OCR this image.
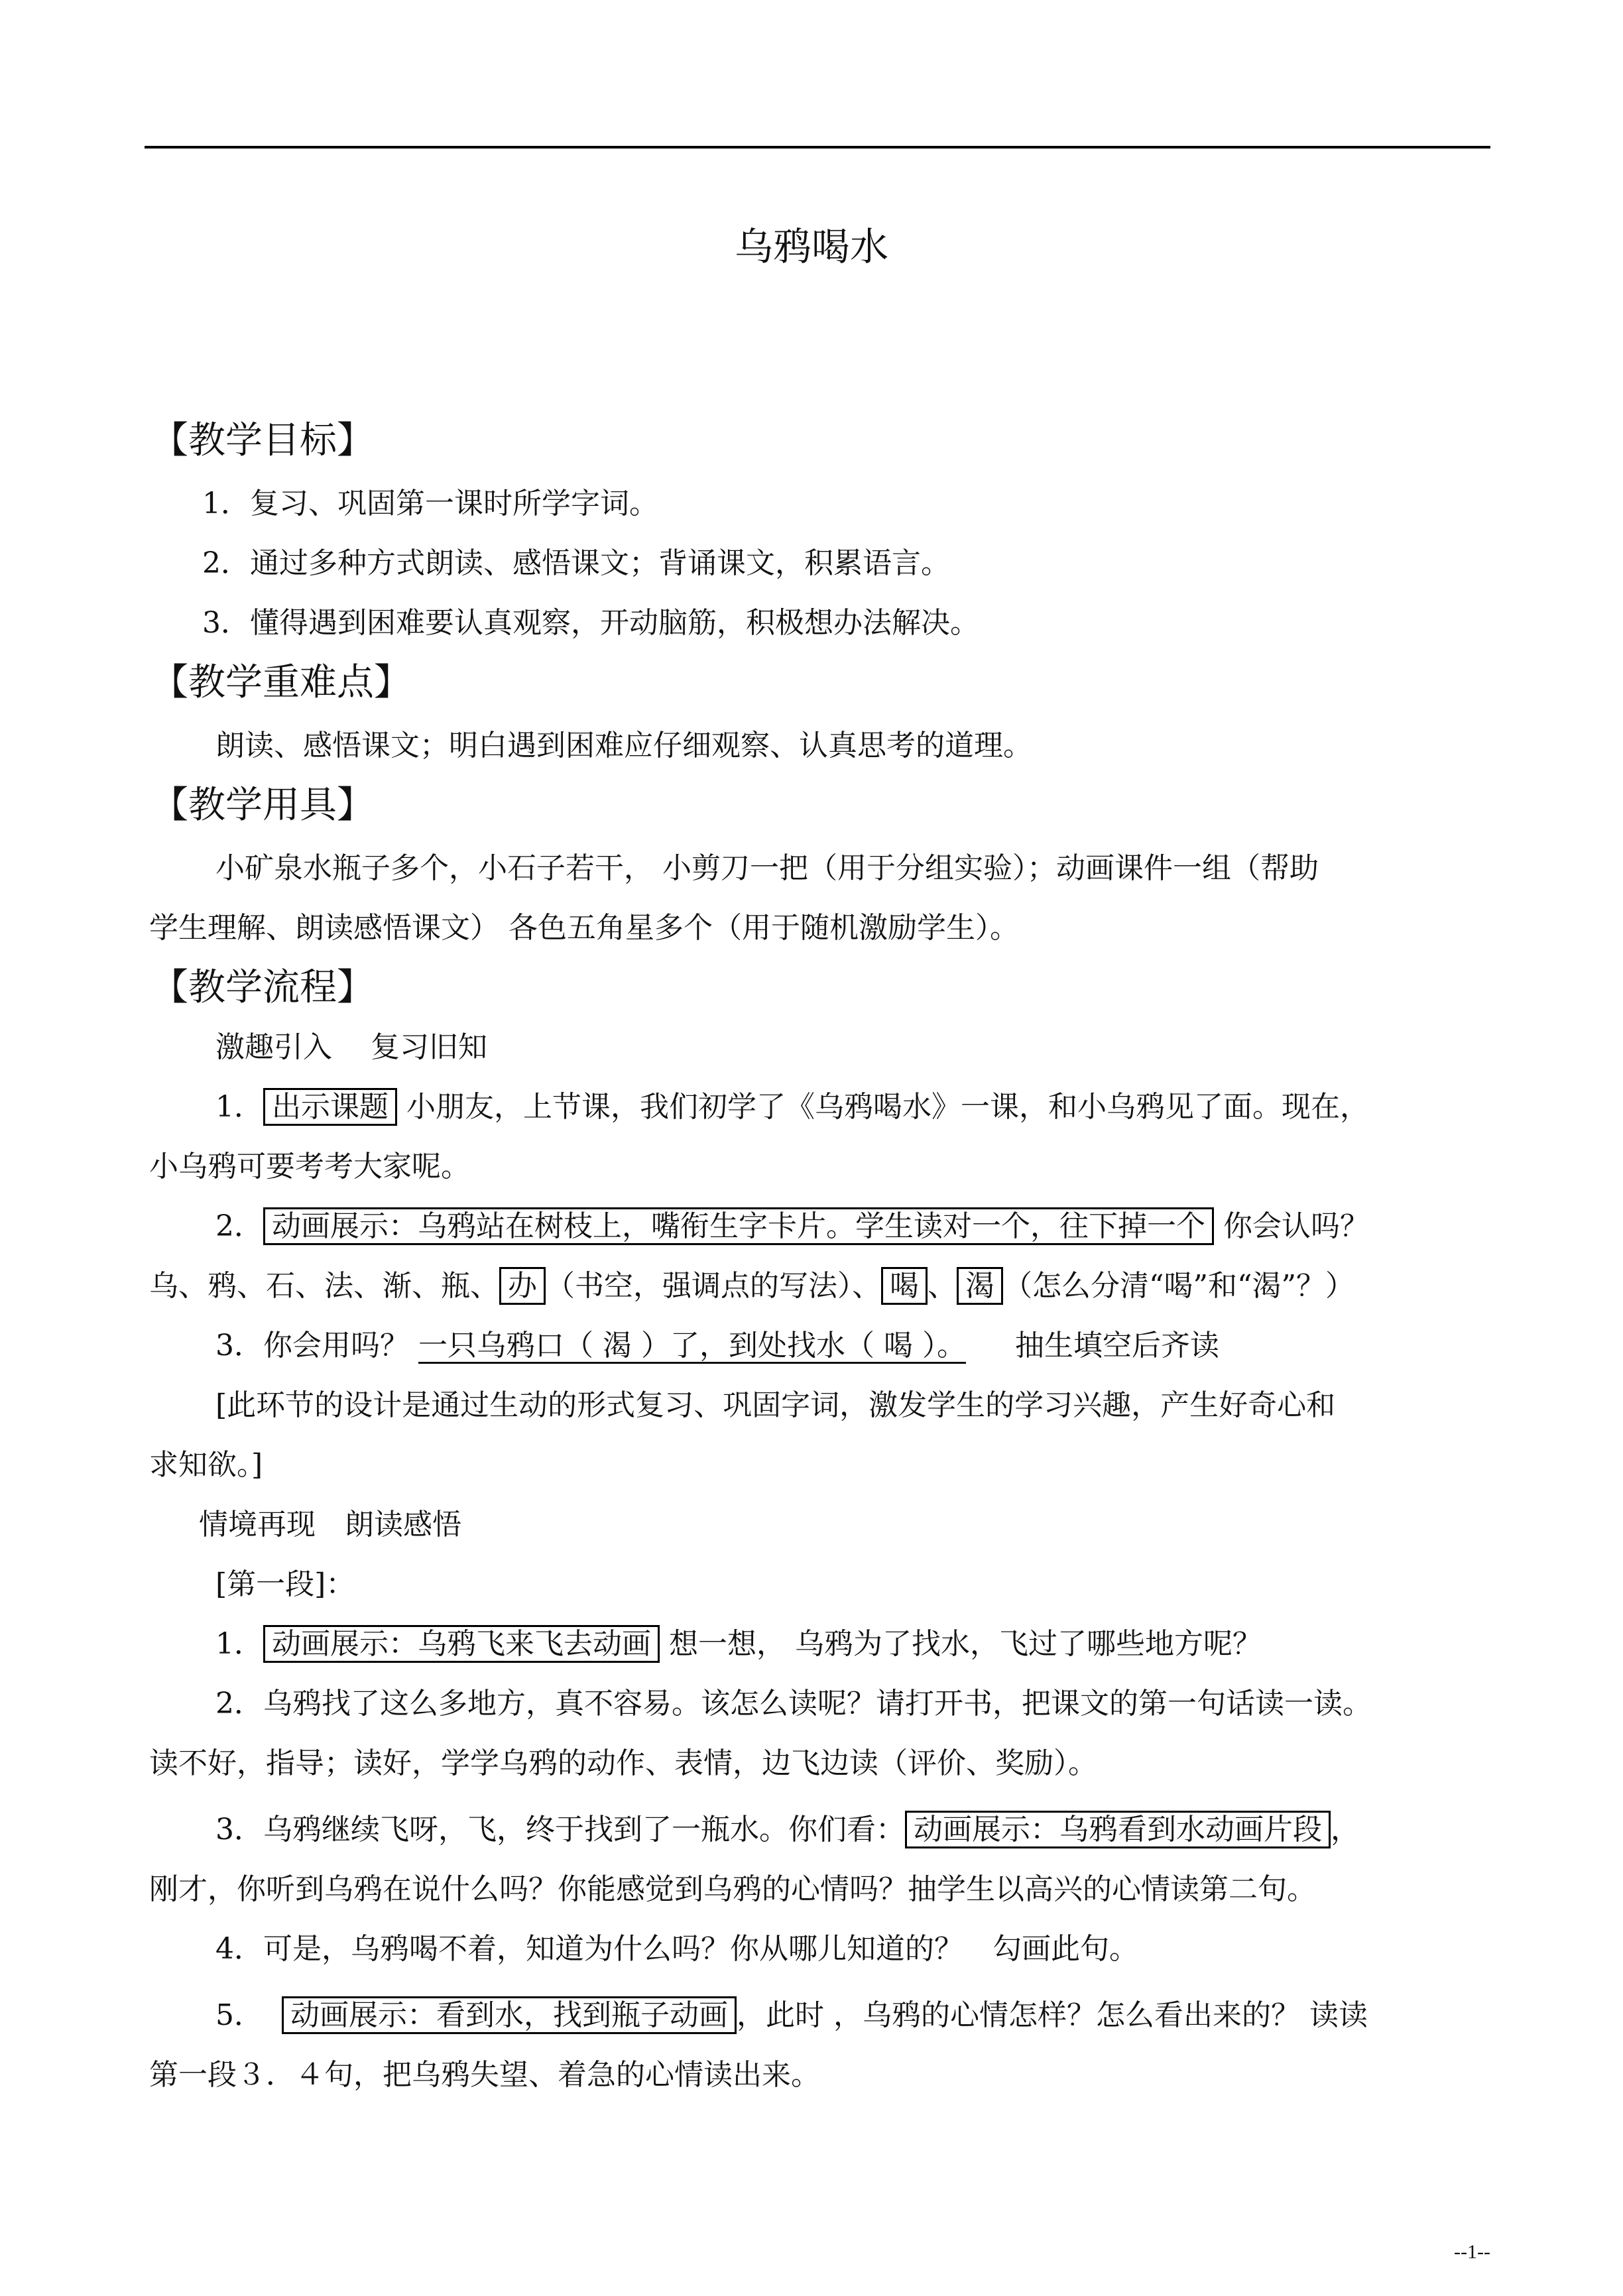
乌鸦喝水
【教学目标】
1．复习、巩固第一课时所学字词。
2．通过多种方式朗读、感悟课文；背诵课文，积累语言。
3．懂得遇到困难要认真观察，开动脑筋，积极想办法解决。
【教学重难点】
朗读、感悟课文；明白遇到困难应仔细观察、认真思考的道理。
【教学用具】
小矿泉水瓶子多个，小石子若干， 小剪刀一把（用于分组实验）；动画课件一组（帮助
学生理解、朗读感悟课文） 各色五角星多个（用于随机激励学生）。
【教学流程】
激趣引入　 复习旧知
1． 出示课题 小朋友，上节课，我们初学了《乌鸦喝水》一课，和小乌鸦见了面。现在，
小乌鸦可要考考大家呢。
2． 动画展示：乌鸦站在树枝上，嘴衔生字卡片。学生读对一个，往下掉一个 你会认吗？
乌、鸦、石、法、渐、瓶、 办 （书空，强调点的写法）、 喝 、 渴 （怎么分清“喝”和“渴”？）
3．你会用吗？ 一只乌鸦口（ 渴 ）了，到处找水（ 喝 ）。 抽生填空后齐读
[此环节的设计是通过生动的形式复习、巩固字词，激发学生的学习兴趣，产生好奇心和
求知欲。]
情境再现　朗读感悟
[第一段]：
1． 动画展示：乌鸦飞来飞去动画 想一想， 乌鸦为了找水，飞过了哪些地方呢？
2．乌鸦找了这么多地方，真不容易。该怎么读呢？请打开书，把课文的第一句话读一读。
读不好，指导；读好，学学乌鸦的动作、表情，边飞边读（评价、奖励）。
3．乌鸦继续飞呀，飞，终于找到了一瓶水。你们看： 动画展示：乌鸦看到水动画片段 ，
刚才，你听到乌鸦在说什么吗？你能感觉到乌鸦的心情吗？抽学生以高兴的心情读第二句。
4．可是，乌鸦喝不着，知道为什么吗？你从哪儿知道的？　勾画此句。
5． 动画展示：看到水，找到瓶子动画 ，此时 ，乌鸦的心情怎样？怎么看出来的？ 读读
第一段３．４句，把乌鸦失望、着急的心情读出来。
--1--
